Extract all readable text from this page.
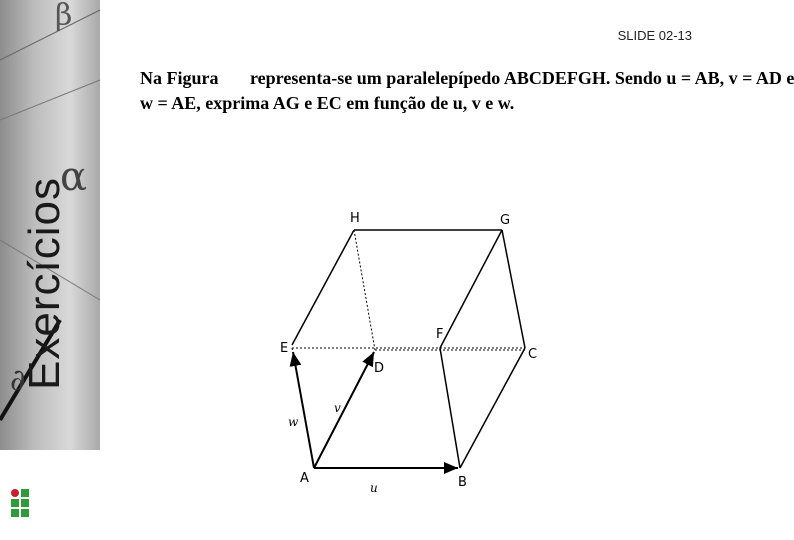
β
α
∂
Exercícios
SLIDE 02-13
Na Figura       representa-se um paralelepípedo ABCDEFGH. Sendo u = AB, v = AD e
w = AE, exprima AG e EC em função de u, v e w.
H	G
E
F
C
D
A	B
w
v
u
